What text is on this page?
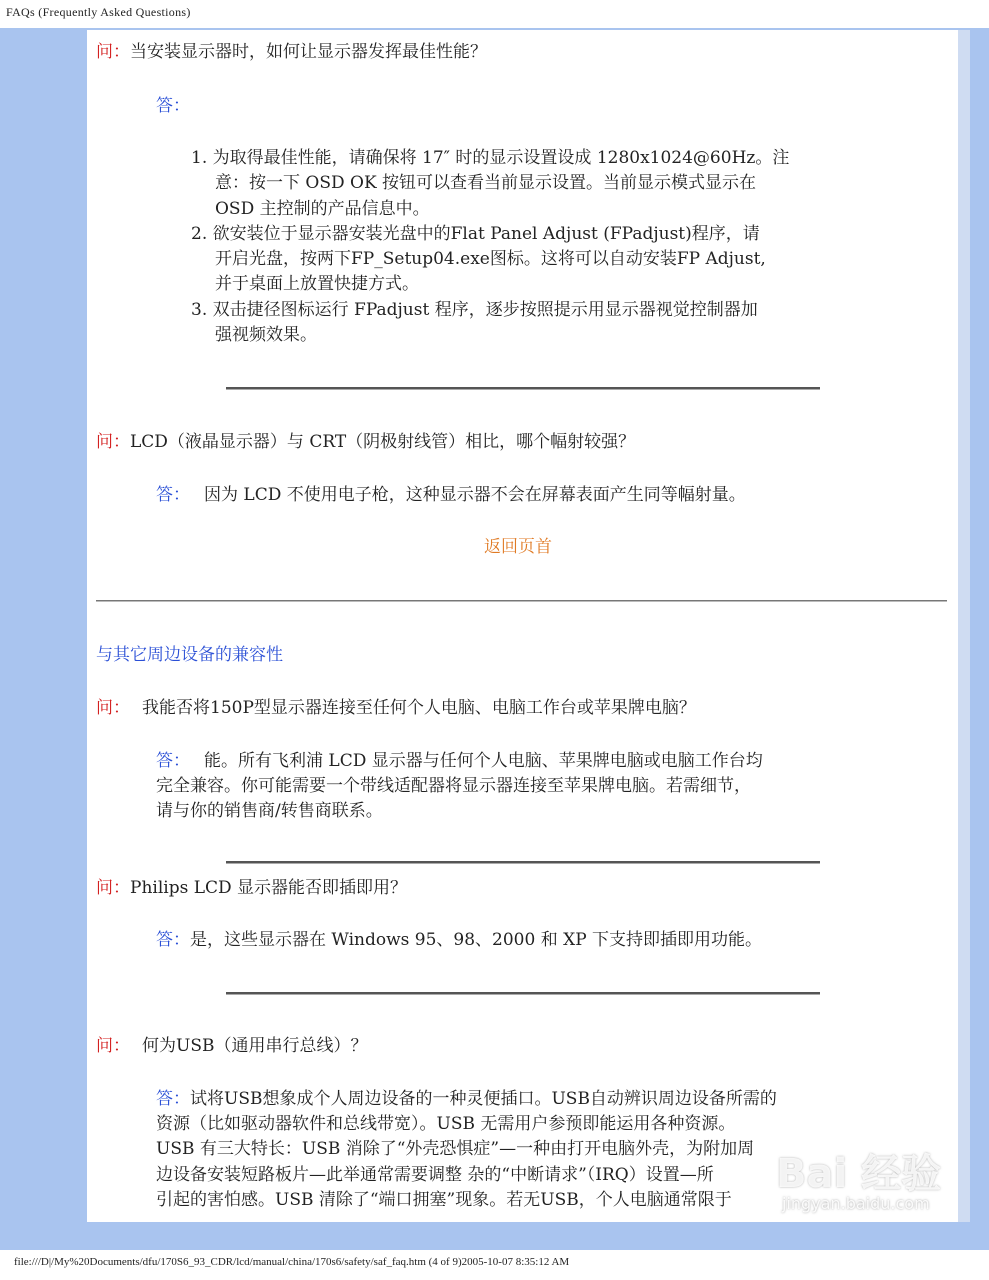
FAQs (Frequently Asked Questions)
问：当安装显示器时，如何让显示器发挥最佳性能？
答：
1. 为取得最佳性能，请确保将 17″ 时的显示设置设成 1280x1024@60Hz。注
意：按一下 OSD OK 按钮可以查看当前显示设置。当前显示模式显示在
OSD 主控制的产品信息中。
2. 欲安装位于显示器安装光盘中的Flat Panel Adjust (FPadjust)程序，请
开启光盘，按两下FP_Setup04.exe图标。这将可以自动安装FP Adjust,
并于桌面上放置快捷方式。
3. 双击捷径图标运行 FPadjust 程序，逐步按照提示用显示器视觉控制器加
强视频效果。
问：LCD（液晶显示器）与 CRT（阴极射线管）相比，哪个幅射较强？
答： 因为 LCD 不使用电子枪，这种显示器不会在屏幕表面产生同等幅射量。
返回页首
与其它周边设备的兼容性
问： 我能否将150P型显示器连接至任何个人电脑、电脑工作台或苹果牌电脑？
答： 能。所有飞利浦 LCD 显示器与任何个人电脑、苹果牌电脑或电脑工作台均
完全兼容。你可能需要一个带线适配器将显示器连接至苹果牌电脑。若需细节，
请与你的销售商/转售商联系。
问：Philips LCD 显示器能否即插即用？
答：是，这些显示器在 Windows 95、98、2000 和 XP 下支持即插即用功能。
问： 何为USB（通用串行总线）？
答：试将USB想象成个人周边设备的一种灵便插口。USB自动辨识周边设备所需的
资源（比如驱动器软件和总线带宽）。USB 无需用户参预即能运用各种资源。
USB 有三大特长：USB 消除了“外壳恐惧症”—一种由打开电脑外壳，为附加周
边设备安装短路板片—此举通常需要调整 杂的“中断请求”（IRQ）设置—所
引起的害怕感。USB 清除了“端口拥塞”现象。若无USB，个人电脑通常限于
Bai 经验
jingyan.baidu.com
file:///D|/My%20Documents/dfu/170S6_93_CDR/lcd/manual/china/170s6/safety/saf_faq.htm (4 of 9)2005-10-07 8:35:12 AM
